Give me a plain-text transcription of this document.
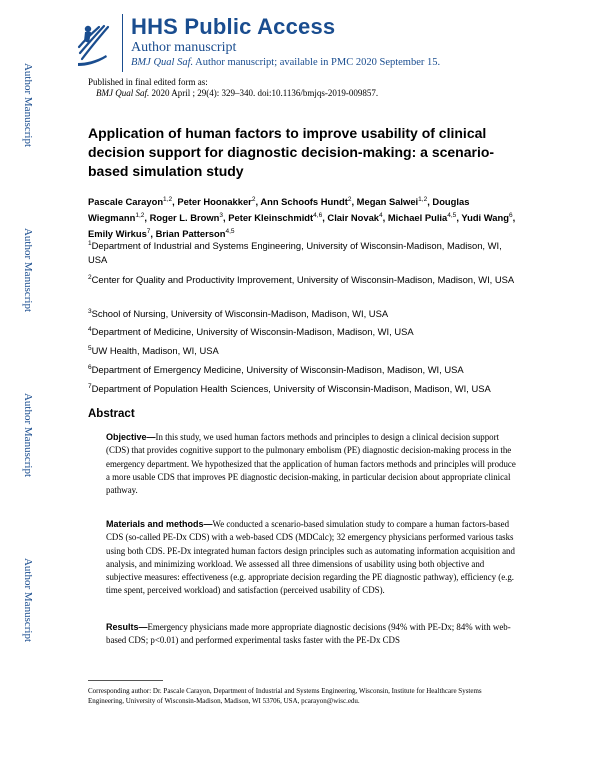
HHS Public Access
Author manuscript
BMJ Qual Saf. Author manuscript; available in PMC 2020 September 15.
Author Manuscript
Author Manuscript
Author Manuscript
Author Manuscript
Published in final edited form as:
BMJ Qual Saf. 2020 April ; 29(4): 329–340. doi:10.1136/bmjqs-2019-009857.
Application of human factors to improve usability of clinical decision support for diagnostic decision-making: a scenario-based simulation study
Pascale Carayon$^{1,2}$, Peter Hoonakker$^2$, Ann Schoofs Hundt$^2$, Megan Salwei$^{1,2}$, Douglas Wiegmann$^{1,2}$, Roger L. Brown$^3$, Peter Kleinschmidt$^{4,6}$, Clair Novak$^4$, Michael Pulia$^{4,5}$, Yudi Wang$^6$, Emily Wirkus$^7$, Brian Patterson$^{4,5}$
$^1$Department of Industrial and Systems Engineering, University of Wisconsin-Madison, Madison, WI, USA
$^2$Center for Quality and Productivity Improvement, University of Wisconsin-Madison, Madison, WI, USA
$^3$School of Nursing, University of Wisconsin-Madison, Madison, WI, USA
$^4$Department of Medicine, University of Wisconsin-Madison, Madison, WI, USA
$^5$UW Health, Madison, WI, USA
$^6$Department of Emergency Medicine, University of Wisconsin-Madison, Madison, WI, USA
$^7$Department of Population Health Sciences, University of Wisconsin-Madison, Madison, WI, USA
Abstract
Objective—In this study, we used human factors methods and principles to design a clinical decision support (CDS) that provides cognitive support to the pulmonary embolism (PE) diagnostic decision-making process in the emergency department. We hypothesized that the application of human factors methods and principles will produce a more usable CDS that improves PE diagnostic decision-making, in particular decision about appropriate clinical pathway.
Materials and methods—We conducted a scenario-based simulation study to compare a human factors-based CDS (so-called PE-Dx CDS) with a web-based CDS (MDCalc); 32 emergency physicians performed various tasks using both CDS. PE-Dx integrated human factors design principles such as automating information acquisition and analysis, and minimizing workload. We assessed all three dimensions of usability using both objective and subjective measures: effectiveness (e.g. appropriate decision regarding the PE diagnostic pathway), efficiency (e.g. time spent, perceived workload) and satisfaction (perceived usability of CDS).
Results—Emergency physicians made more appropriate diagnostic decisions (94% with PE-Dx; 84% with web-based CDS; p<0.01) and performed experimental tasks faster with the PE-Dx CDS
Corresponding author: Dr. Pascale Carayon, Department of Industrial and Systems Engineering, Wisconsin, Institute for Healthcare Systems Engineering, University of Wisconsin-Madison, Madison, WI 53706, USA, pcarayon@wisc.edu.
